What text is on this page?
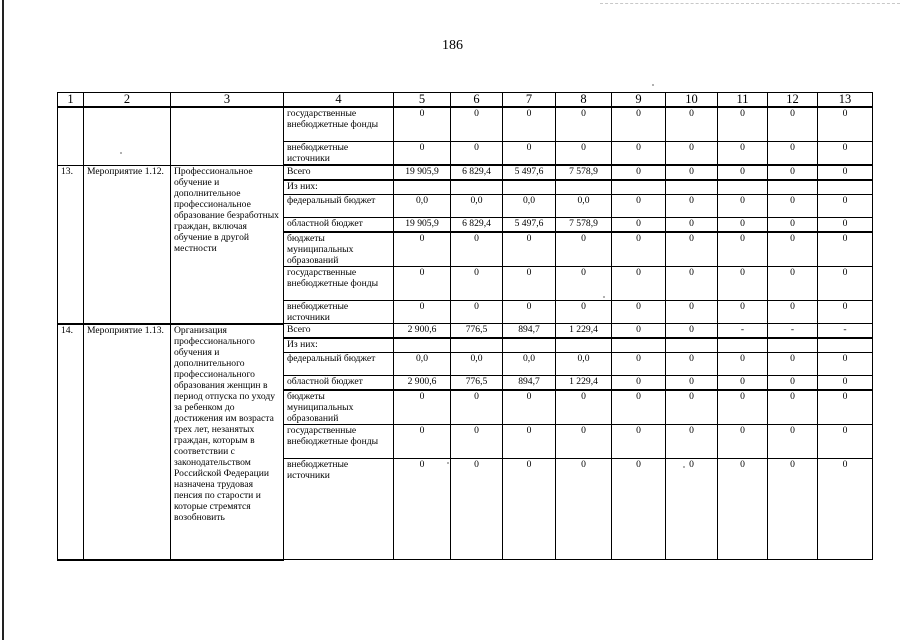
186
1	2	3	4	5	6	7	8	9	10	11	12	13
			государственные внебюджетные фонды	0	0	0	0	0	0	0	0	0
			внебюджетные источники	0	0	0	0	0	0	0	0	0
13.	Мероприятие 1.12.	Профессиональное обучение и дополнительное профессиональное образование безработных граждан, включая обучение в другой местности	Всего	19 905,9	6 829,4	5 497,6	7 578,9	0	0	0	0	0
			Из них:									
			федеральный бюджет	0,0	0,0	0,0	0,0	0	0	0	0	0
			областной бюджет	19 905,9	6 829,4	5 497,6	7 578,9	0	0	0	0	0
			бюджеты муниципальных образований	0	0	0	0	0	0	0	0	0
			государственные внебюджетные фонды	0	0	0	0	0	0	0	0	0
			внебюджетные источники	0	0	0	0	0	0	0	0	0
14.	Мероприятие 1.13.	Организация профессионального обучения и дополнительного профессионального образования женщин в период отпуска по уходу за ребенком до достижения им возраста трех лет, незанятых граждан, которым в соответствии с законодательством Российской Федерации назначена трудовая пенсия по старости и которые стремятся возобновить	Всего	2 900,6	776,5	894,7	1 229,4	0	0	-	-	-
			Из них:									
			федеральный бюджет	0,0	0,0	0,0	0,0	0	0	0	0	0
			областной бюджет	2 900,6	776,5	894,7	1 229,4	0	0	0	0	0
			бюджеты муниципальных образований	0	0	0	0	0	0	0	0	0
			государственные внебюджетные фонды	0	0	0	0	0	0	0	0	0
			внебюджетные источники	0	0	0	0	0	0	0	0	0
